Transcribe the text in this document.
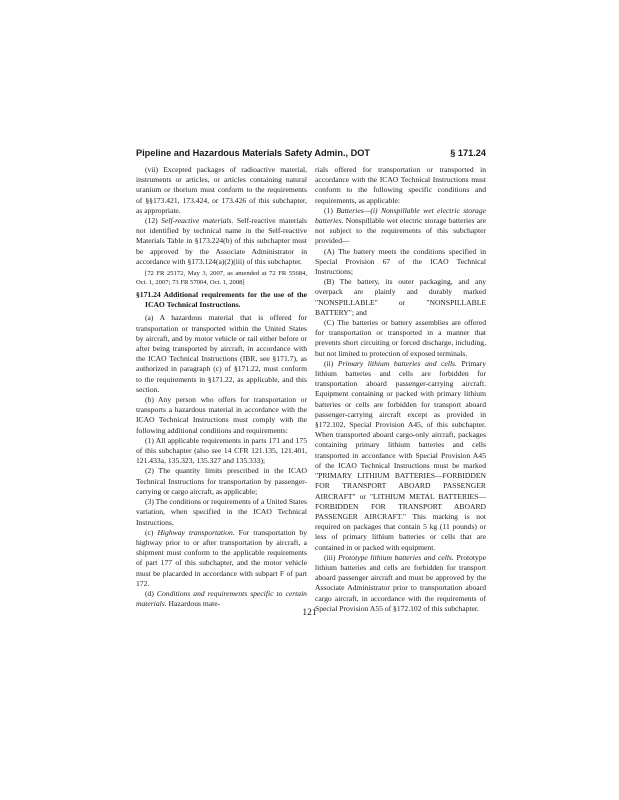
Pipeline and Hazardous Materials Safety Admin., DOT	§ 171.24

(vii) Excepted packages of radioactive material, instruments or articles, or articles containing natural uranium or thorium must conform to the requirements of §§173.421, 173.424, or 173.426 of this subchapter, as appropriate.

(12) Self-reactive materials. Self-reactive materials not identified by technical name in the Self-reactive Materials Table in §173.224(b) of this subchapter must be approved by the Associate Administrator in accordance with §173.124(a)(2)(iii) of this subchapter.

[72 FR 25172, May 3, 2007, as amended at 72 FR 55684, Oct. 1, 2007; 73 FR 57004, Oct. 1, 2008]

§171.24 Additional requirements for the use of the ICAO Technical Instructions.

(a) A hazardous material that is offered for transportation or transported within the United States by aircraft, and by motor vehicle or rail either before or after being transported by aircraft, in accordance with the ICAO Technical Instructions (IBR, see §171.7), as authorized in paragraph (c) of §171.22, must conform to the requirements in §171.22, as applicable, and this section.

(b) Any person who offers for transportation or transports a hazardous material in accordance with the ICAO Technical Instructions must comply with the following additional conditions and requirements:

(1) All applicable requirements in parts 171 and 175 of this subchapter (also see 14 CFR 121.135, 121.401, 121.433a, 135.323, 135.327 and 135.333);

(2) The quantity limits prescribed in the ICAO Technical Instructions for transportation by passenger-carrying or cargo aircraft, as applicable;

(3) The conditions or requirements of a United States variation, when specified in the ICAO Technical Instructions.

(c) Highway transportation. For transportation by highway prior to or after transportation by aircraft, a shipment must conform to the applicable requirements of part 177 of this subchapter, and the motor vehicle must be placarded in accordance with subpart F of part 172.

(d) Conditions and requirements specific to certain materials. Hazardous mate-

rials offered for transportation or transported in accordance with the ICAO Technical Instructions must conform to the following specific conditions and requirements, as applicable:

(1) Batteries—(i) Nonspillable wet electric storage batteries. Nonspillable wet electric storage batteries are not subject to the requirements of this subchapter provided—

(A) The battery meets the conditions specified in Special Provision 67 of the ICAO Technical Instructions;

(B) The battery, its outer packaging, and any overpack are plainly and durably marked "NONSPILLABLE" or "NONSPILLABLE BATTERY"; and

(C) The batteries or battery assemblies are offered for transportation or transported in a manner that prevents short circuiting or forced discharge, including, but not limited to protection of exposed terminals.

(ii) Primary lithium batteries and cells. Primary lithium batteries and cells are forbidden for transportation aboard passenger-carrying aircraft. Equipment containing or packed with primary lithium batteries or cells are forbidden for transport aboard passenger-carrying aircraft except as provided in §172.102, Special Provision A45, of this subchapter. When transported aboard cargo-only aircraft, packages containing primary lithium batteries and cells transported in accordance with Special Provision A45 of the ICAO Technical Instructions must be marked "PRIMARY LITHIUM BATTERIES—FORBIDDEN FOR TRANSPORT ABOARD PASSENGER AIRCRAFT" or "LITHIUM METAL BATTERIES—FORBIDDEN FOR TRANSPORT ABOARD PASSENGER AIRCRAFT." This marking is not required on packages that contain 5 kg (11 pounds) or less of primary lithium batteries or cells that are contained in or packed with equipment.

(iii) Prototype lithium batteries and cells. Prototype lithium batteries and cells are forbidden for transport aboard passenger aircraft and must be approved by the Associate Administrator prior to transportation aboard cargo aircraft, in accordance with the requirements of Special Provision A55 of §172.102 of this subchapter.

121
